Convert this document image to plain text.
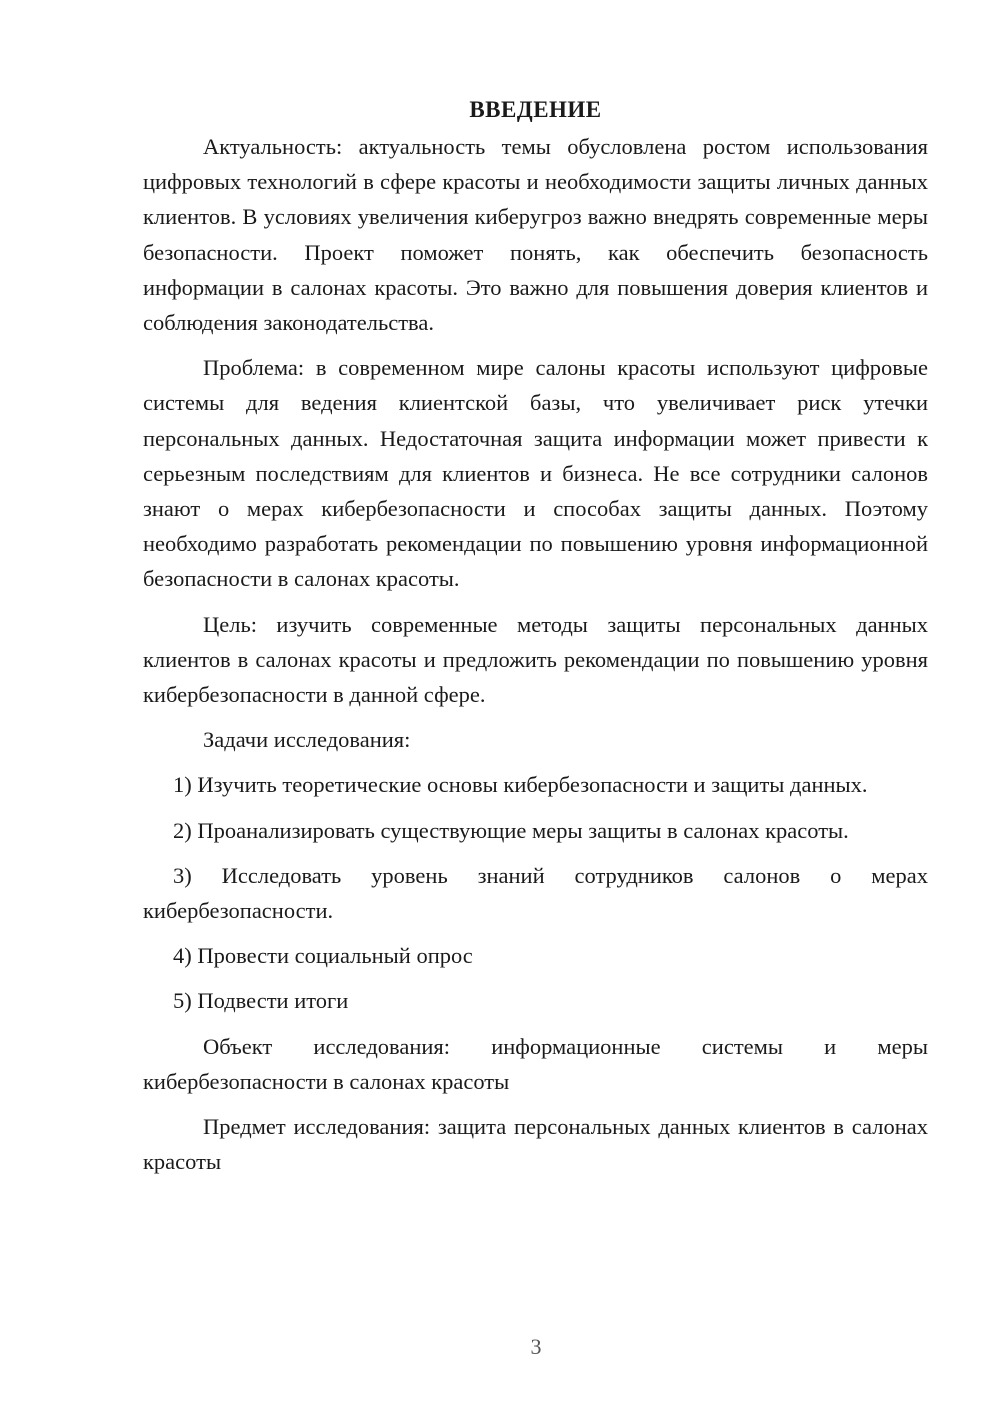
ВВЕДЕНИЕ

Актуальность: актуальность темы обусловлена ростом использования цифровых технологий в сфере красоты и необходимости защиты личных данных клиентов. В условиях увеличения киберугроз важно внедрять современные меры безопасности. Проект поможет понять, как обеспечить безопасность информации в салонах красоты. Это важно для повышения доверия клиентов и соблюдения законодательства.

Проблема: в современном мире салоны красоты используют цифровые системы для ведения клиентской базы, что увеличивает риск утечки персональных данных. Недостаточная защита информации может привести к серьезным последствиям для клиентов и бизнеса. Не все сотрудники салонов знают о мерах кибербезопасности и способах защиты данных. Поэтому необходимо разработать рекомендации по повышению уровня информационной безопасности в салонах красоты.

Цель: изучить современные методы защиты персональных данных клиентов в салонах красоты и предложить рекомендации по повышению уровня кибербезопасности в данной сфере.

Задачи исследования:

1) Изучить теоретические основы кибербезопасности и защиты данных.

2) Проанализировать существующие меры защиты в салонах красоты.

3) Исследовать уровень знаний сотрудников салонов о мерах кибербезопасности.

4) Провести социальный опрос

5) Подвести итоги

Объект исследования: информационные системы и меры кибербезопасности в салонах красоты

Предмет исследования: защита персональных данных клиентов в салонах красоты

3
